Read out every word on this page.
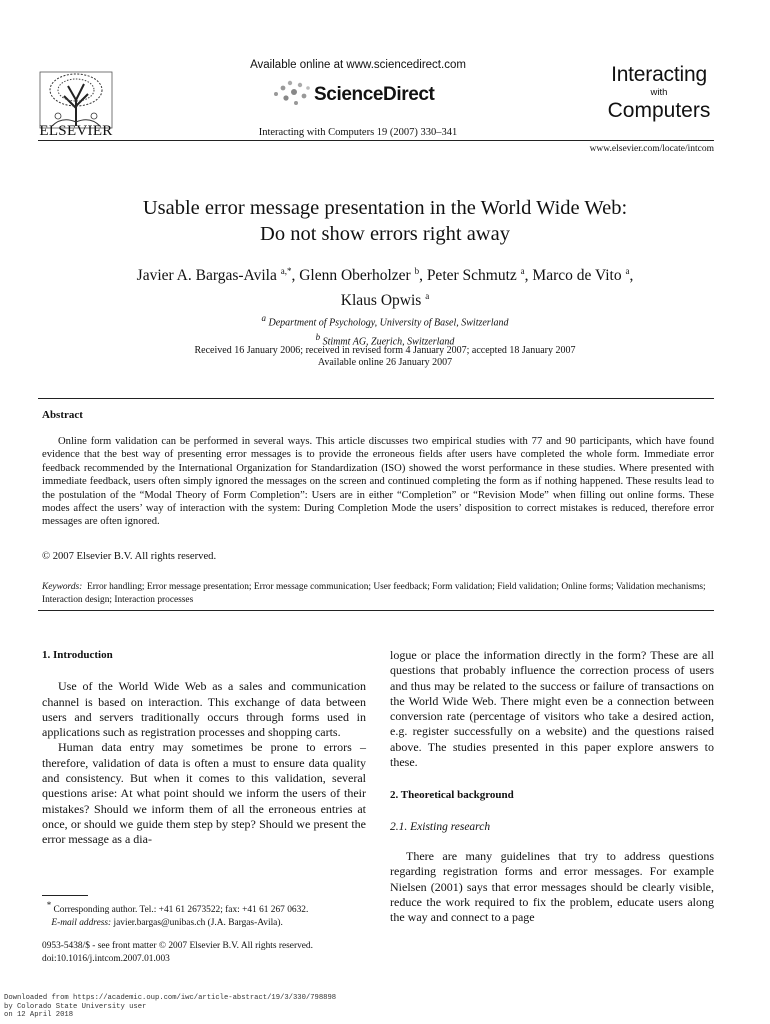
ELSEVIER
Available online at www.sciencedirect.com
ScienceDirect
Interacting with Computers 19 (2007) 330–341
Interacting
with
Computers
www.elsevier.com/locate/intcom
Usable error message presentation in the World Wide Web:
Do not show errors right away
Javier A. Bargas-Avila $^{a,*}$, Glenn Oberholzer $^b$, Peter Schmutz $^a$, Marco de Vito $^a$,
Klaus Opwis $^a$
$^a$ Department of Psychology, University of Basel, Switzerland
$^b$ Stimmt AG, Zuerich, Switzerland
Received 16 January 2006; received in revised form 4 January 2007; accepted 18 January 2007
Available online 26 January 2007
Abstract
Online form validation can be performed in several ways. This article discusses two empirical studies with 77 and 90 participants, which have found evidence that the best way of presenting error messages is to provide the erroneous fields after users have completed the whole form. Immediate error feedback recommended by the International Organization for Standardization (ISO) showed the worst performance in these studies. Where presented with immediate feedback, users often simply ignored the messages on the screen and continued completing the form as if nothing happened. These results lead to the postulation of the “Modal Theory of Form Completion”: Users are in either “Completion” or “Revision Mode” when filling out online forms. These modes affect the users’ way of interaction with the system: During Completion Mode the users’ disposition to correct mistakes is reduced, therefore error messages are often ignored.
© 2007 Elsevier B.V. All rights reserved.
Keywords: Error handling; Error message presentation; Error message communication; User feedback; Form validation; Field validation; Online forms; Validation mechanisms; Interaction design; Interaction processes
1. Introduction

Use of the World Wide Web as a sales and communication channel is based on interaction. This exchange of data between users and servers traditionally occurs through forms used in applications such as registration processes and shopping carts.

Human data entry may sometimes be prone to errors – therefore, validation of data is often a must to ensure data quality and consistency. But when it comes to this validation, several questions arise: At what point should we inform the users of their mistakes? Should we inform them of all the erroneous entries at once, or should we guide them step by step? Should we present the error message as a dia-

logue or place the information directly in the form? These are all questions that probably influence the correction process of users and thus may be related to the success or failure of transactions on the World Wide Web. There might even be a connection between conversion rate (percentage of visitors who take a desired action, e.g. register successfully on a website) and the questions raised above. The studies presented in this paper explore answers to these.

2. Theoretical background
2.1. Existing research

There are many guidelines that try to address questions regarding registration forms and error messages. For example Nielsen (2001) says that error messages should be clearly visible, reduce the work required to fix the problem, educate users along the way and connect to a page

* Corresponding author. Tel.: +41 61 2673522; fax: +41 61 267 0632.
E-mail address: javier.bargas@unibas.ch (J.A. Bargas-Avila).
0953-5438/$ - see front matter © 2007 Elsevier B.V. All rights reserved.
doi:10.1016/j.intcom.2007.01.003
Downloaded from https://academic.oup.com/iwc/article-abstract/19/3/330/798898
by Colorado State University user
on 12 April 2018
